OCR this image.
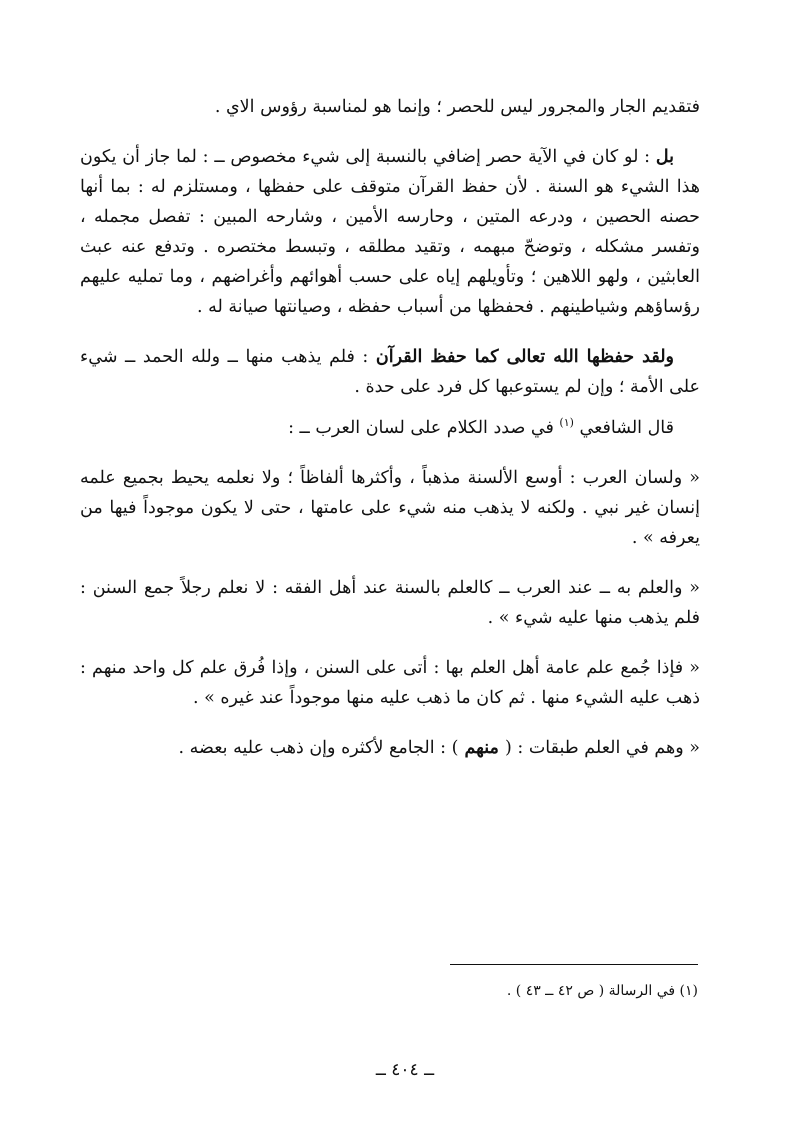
فتقديم الجار والمجرور ليس للحصر ؛ وإنما هو لمناسبة رؤوس الاي .

بل : لو كان في الآية حصر إضافي بالنسبة إلى شيء مخصوص ــ : لما جاز أن يكون هذا الشيء هو السنة . لأن حفظ القرآن متوقف على حفظها ، ومستلزم له : بما أنها حصنه الحصين ، ودرعه المتين ، وحارسه الأمين ، وشارحه المبين : تفصل مجمله ، وتفسر مشكله ، وتوضحّ مبهمه ، وتقيد مطلقه ، وتبسط مختصره . وتدفع عنه عبث العابثين ، ولهو اللاهين ؛ وتأويلهم إياه على حسب أهوائهم وأغراضهم ، وما تمليه عليهم رؤساؤهم وشياطينهم . فحفظها من أسباب حفظه ، وصيانتها صيانة له .

ولقد حفظها الله تعالى كما حفظ القرآن : فلم يذهب منها ــ ولله الحمد ــ شيء على الأمة ؛ وإن لم يستوعبها كل فرد على حدة .

قال الشافعي $^{(١)}$ في صدد الكلام على لسان العرب ــ :

« ولسان العرب : أوسع الألسنة مذهباً ، وأكثرها ألفاظاً ؛ ولا نعلمه يحيط بجميع علمه إنسان غير نبي . ولكنه لا يذهب منه شيء على عامتها ، حتى لا يكون موجوداً فيها من يعرفه » .

« والعلم به ــ عند العرب ــ كالعلم بالسنة عند أهل الفقه : لا نعلم رجلاً جمع السنن : فلم يذهب منها عليه شيء » .

« فإذا جُمع علم عامة أهل العلم بها : أتى على السنن ، وإذا فُرق علم كل واحد منهم : ذهب عليه الشيء منها . ثم كان ما ذهب عليه منها موجوداً عند غيره » .

« وهم في العلم طبقات : ( منهم ) : الجامع لأكثره وإن ذهب عليه بعضه .

(١) في الرسالة ( ص ٤٢ ــ ٤٣ ) .
ــ ٤٠٤ ــ
